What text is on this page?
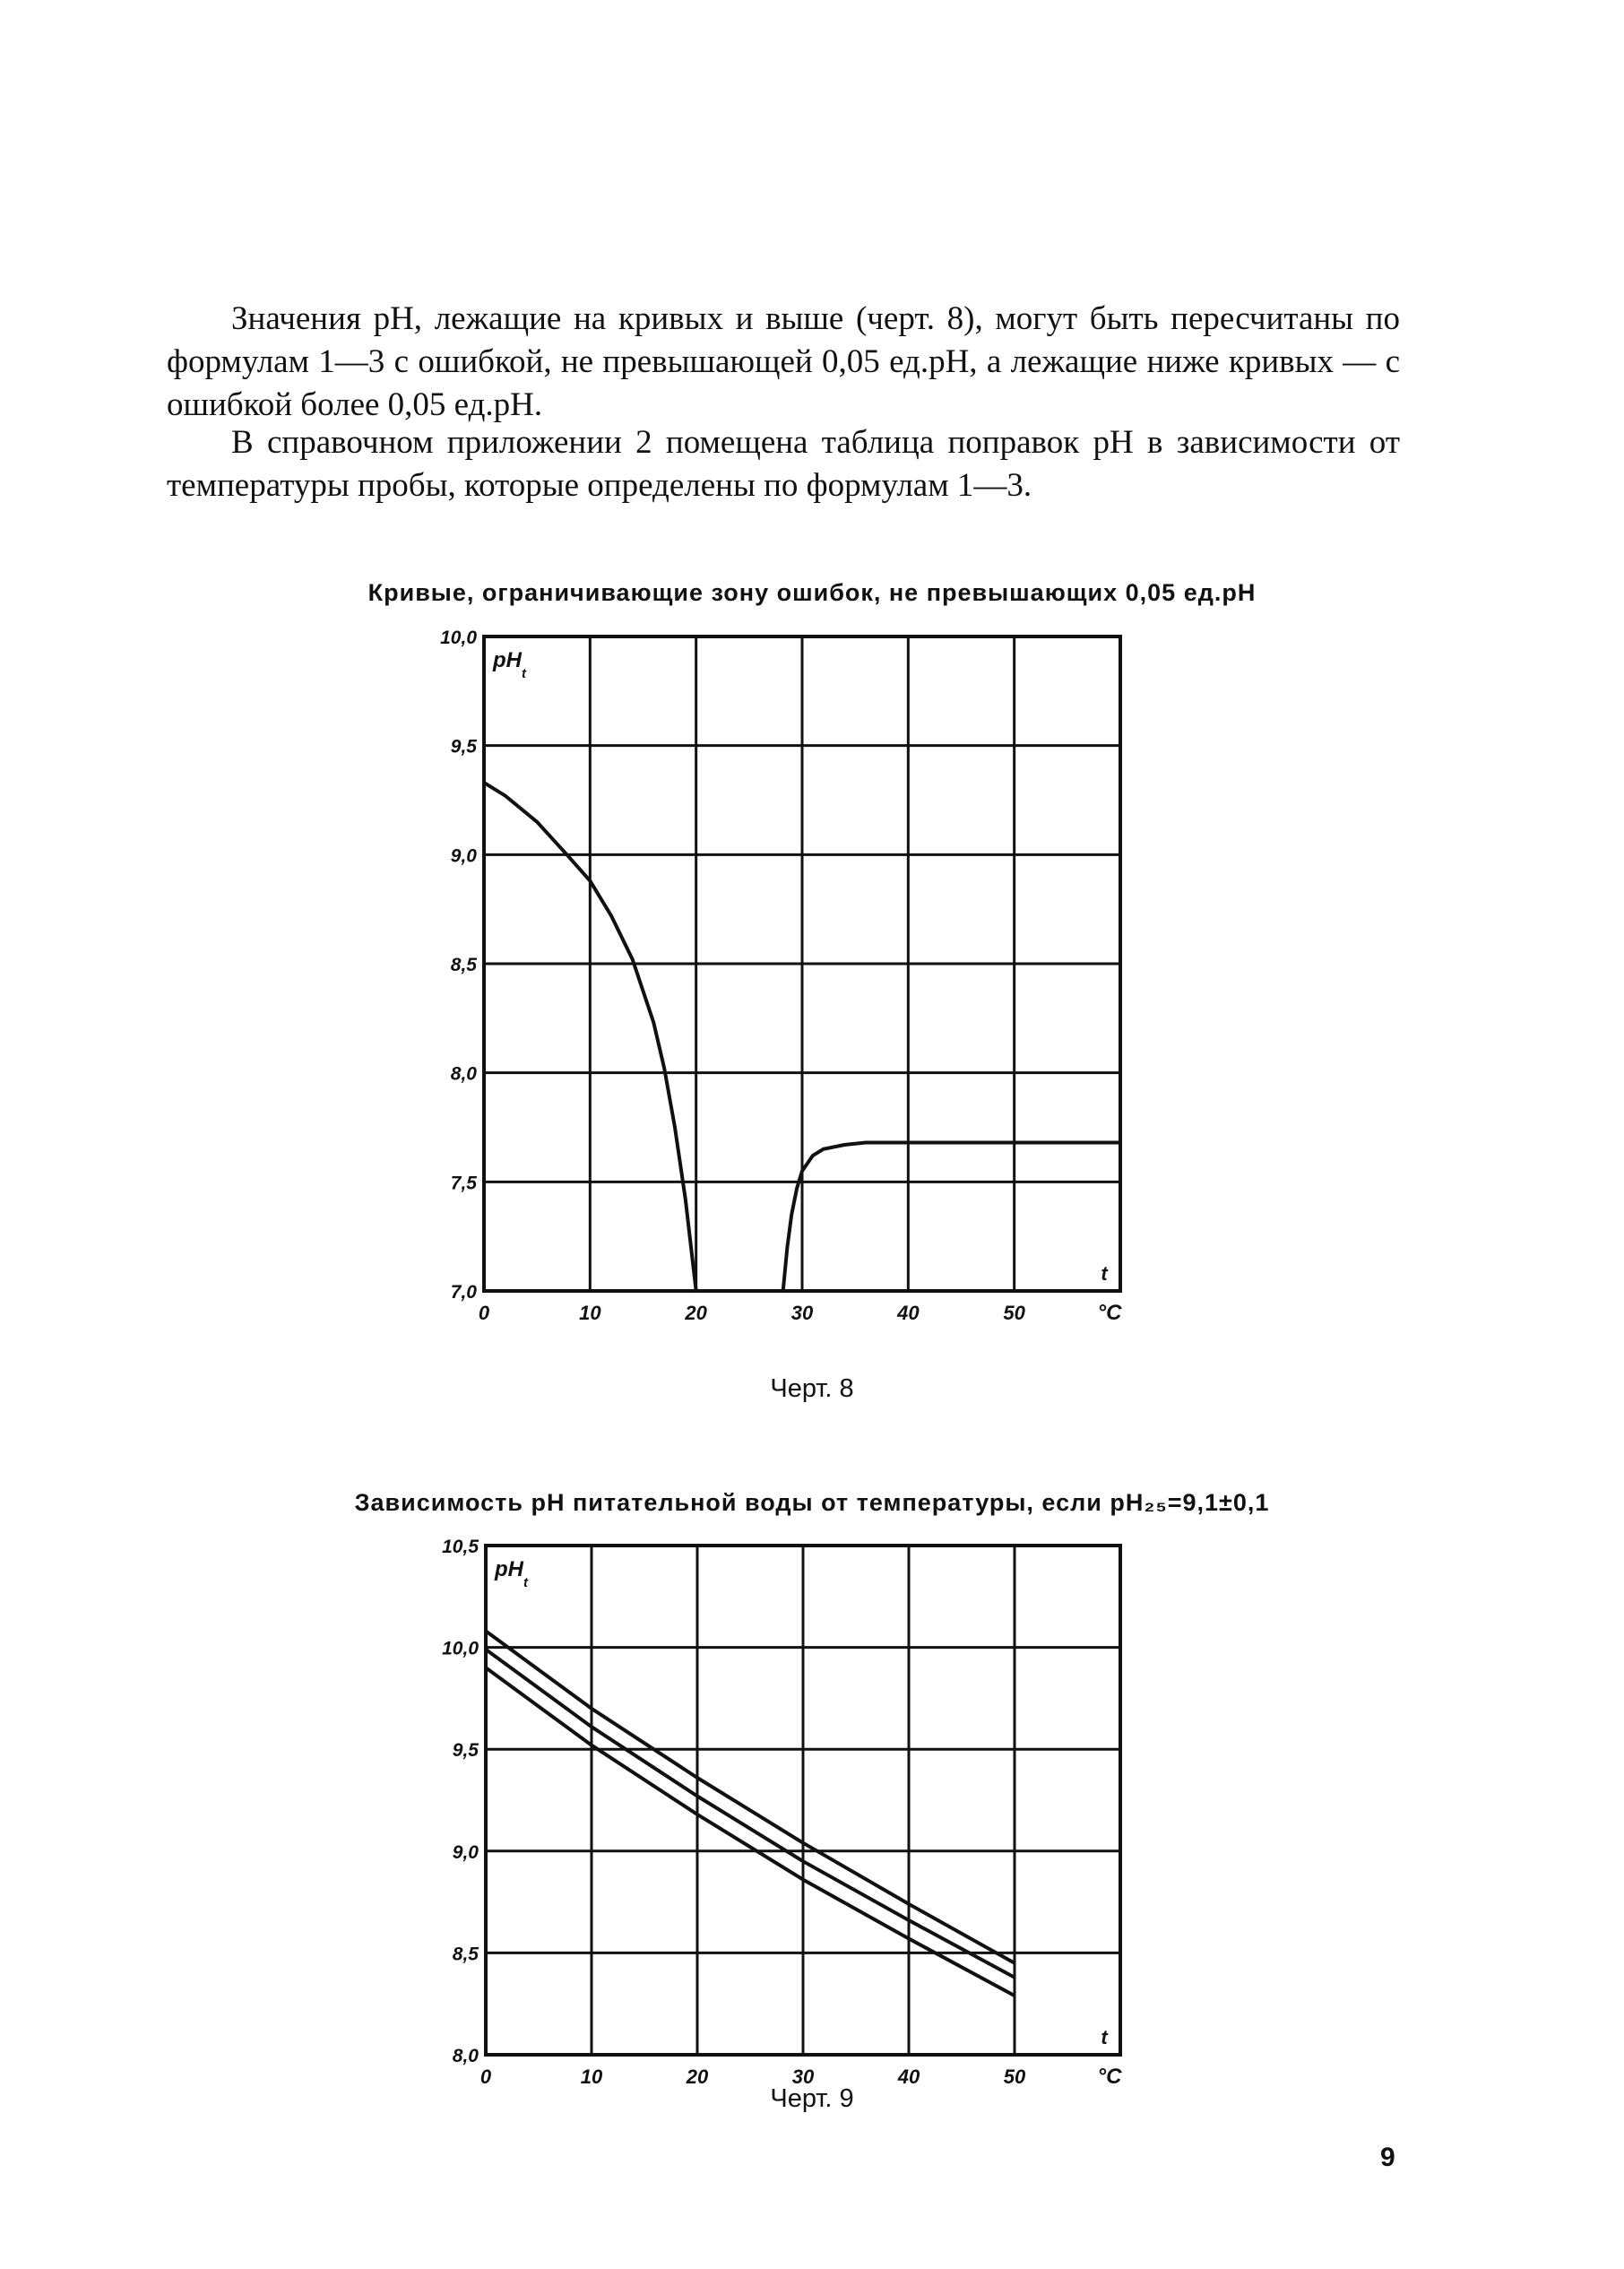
Значения pH, лежащие на кривых и выше (черт. 8), могут быть пересчитаны по формулам 1—3 с ошибкой, не превышающей 0,05 ед.pH, а лежащие ниже кривых — с ошибкой более 0,05 ед.pH.

В справочном приложении 2 помещена таблица поправок pH в зависимости от температуры пробы, которые определены по формулам 1—3.

Кривые, ограничивающие зону ошибок, не превышающих 0,05 ед.pH
7,0
7,5
8,0
8,5
9,0
9,5
10,0
0	10	20	30	40	50	°C
t
pH
t
Черт. 8
Зависимость pH питательной воды от температуры, если pH₂₅=9,1±0,1
8,0
8,5
9,0
9,5
10,0
10,5
0	10	20	30	40	50	°C
t
pH
t
Черт. 9
9
